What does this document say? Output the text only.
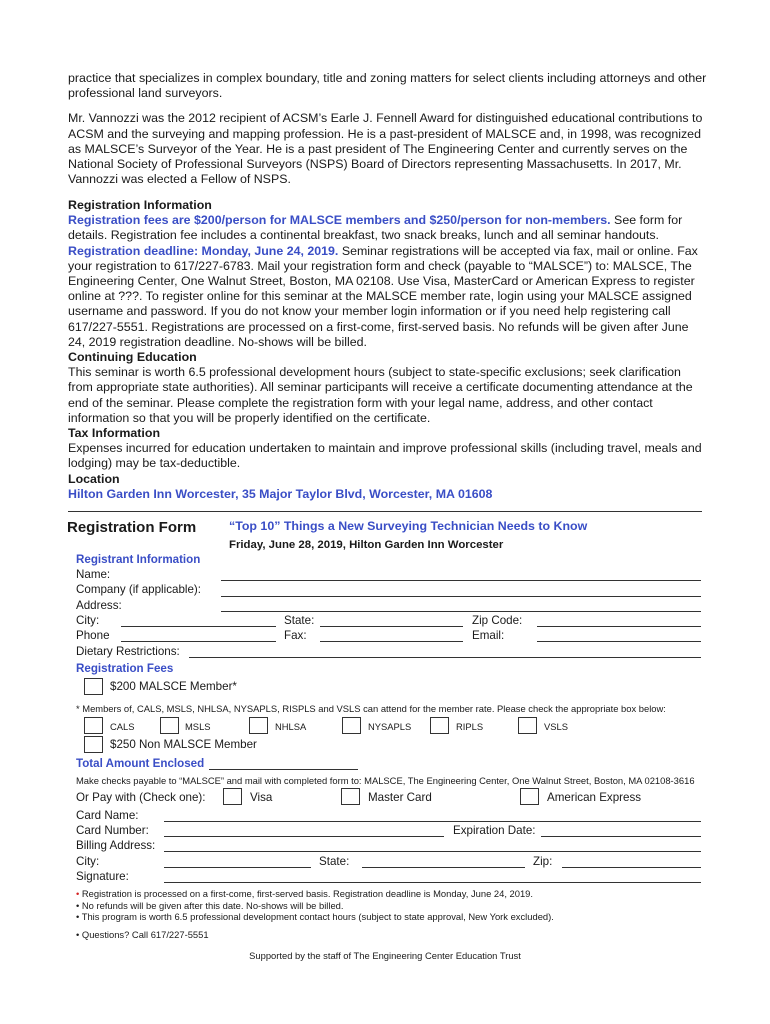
practice that specializes in complex boundary, title and zoning matters for select clients including attorneys and other professional land surveyors.

Mr. Vannozzi was the 2012 recipient of ACSM’s Earle J. Fennell Award for distinguished educational contributions to ACSM and the surveying and mapping profession. He is a past-president of MALSCE and, in 1998, was recognized as MALSCE’s Surveyor of the Year. He is a past president of The Engineering Center and currently serves on the National Society of Professional Surveyors (NSPS) Board of Directors representing Massachusetts. In 2017, Mr. Vannozzi was elected a Fellow of NSPS.

Registration Information

Registration fees are $200/person for MALSCE members and $250/person for non-members. See form for details. Registration fee includes a continental breakfast, two snack breaks, lunch and all seminar handouts.

Registration deadline: Monday, June 24, 2019. Seminar registrations will be accepted via fax, mail or online. Fax your registration to 617/227-6783. Mail your registration form and check (payable to “MALSCE”) to: MALSCE, The Engineering Center, One Walnut Street, Boston, MA 02108. Use Visa, MasterCard or American Express to register online at ???. To register online for this seminar at the MALSCE member rate, login using your MALSCE assigned username and password. If you do not know your member login information or if you need help registering call 617/227-5551. Registrations are processed on a first-come, first-served basis. No refunds will be given after June 24, 2019 registration deadline. No-shows will be billed.

Continuing Education

This seminar is worth 6.5 professional development hours (subject to state-specific exclusions; seek clarification from appropriate state authorities). All seminar participants will receive a certificate documenting attendance at the end of the seminar. Please complete the registration form with your legal name, address, and other contact information so that you will be properly identified on the certificate.

Tax Information

Expenses incurred for education undertaken to maintain and improve professional skills (including travel, meals and lodging) may be tax-deductible.

Location

Hilton Garden Inn Worcester, 35 Major Taylor Blvd, Worcester, MA 01608

Registration Form	“Top 10” Things a New Surveying Technician Needs to Know
Friday, June 28, 2019, Hilton Garden Inn Worcester
Registrant Information
Name:
Company (if applicable):
Address:
City:	State:	Zip Code:
Phone	Fax:	Email:
Dietary Restrictions:
Registration Fees
$200 MALSCE Member*
* Members of, CALS, MSLS, NHLSA, NYSAPLS, RISPLS and VSLS can attend for the member rate. Please check the appropriate box below:
CALS	MSLS	NHLSA	NYSAPLS	RIPLS	VSLS
$250 Non MALSCE Member
Total Amount Enclosed
Make checks payable to “MALSCE” and mail with completed form to: MALSCE, The Engineering Center, One Walnut Street, Boston, MA 02108-3616
Or Pay with (Check one):	Visa	Master Card	American Express
Card Name:
Card Number:	Expiration Date:
Billing Address:
City:	State:	Zip:
Signature:
• Registration is processed on a first-come, first-served basis. Registration deadline is Monday, June 24, 2019.
• No refunds will be given after this date. No-shows will be billed.
• This program is worth 6.5 professional development contact hours (subject to state approval, New York excluded).
• Questions? Call 617/227-5551
Supported by the staff of The Engineering Center Education Trust
